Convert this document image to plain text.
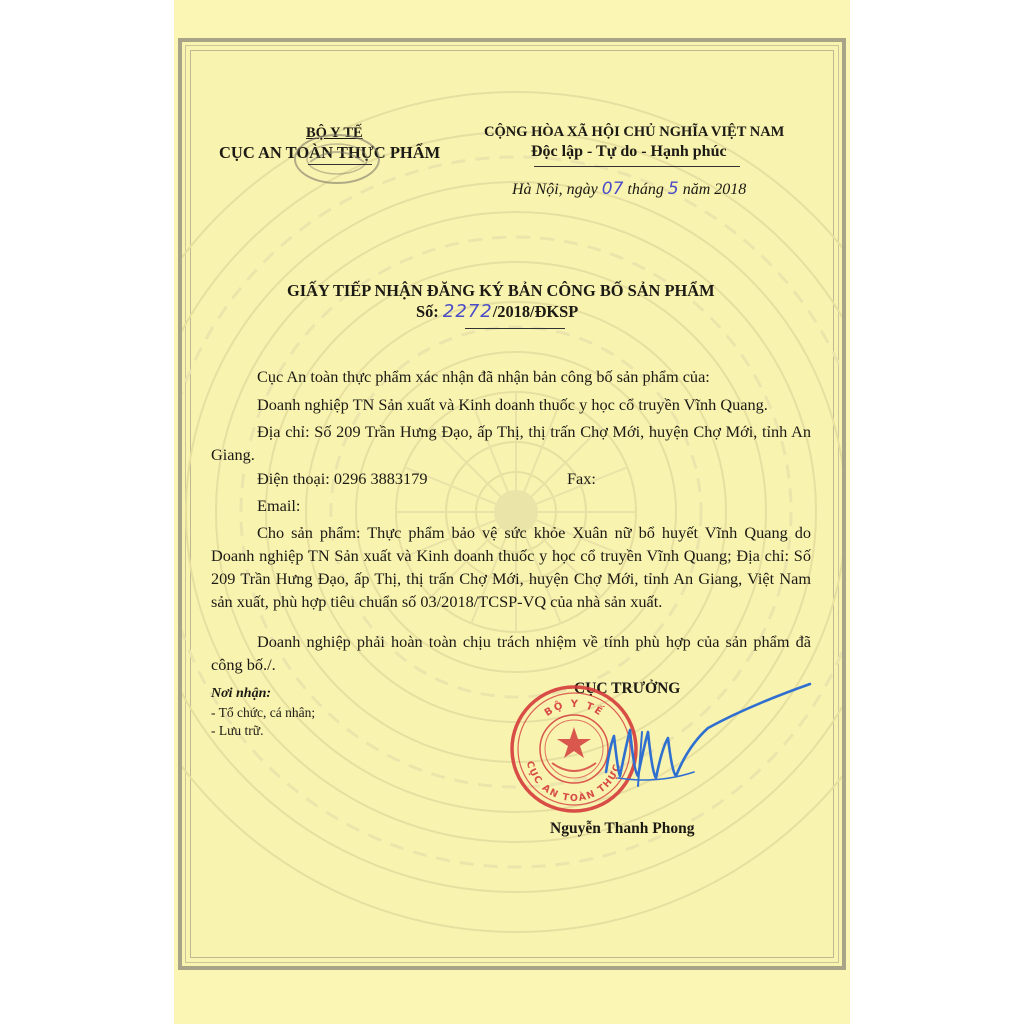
BỘ Y TẾ
CỤC AN TOÀN THỰC PHẨM
CỘNG HÒA XÃ HỘI CHỦ NGHĨA VIỆT NAM
Độc lập - Tự do - Hạnh phúc
Hà Nội, ngày 07 tháng 5 năm 2018
GIẤY TIẾP NHẬN ĐĂNG KÝ BẢN CÔNG BỐ SẢN PHẨM
Số: 2272/2018/ĐKSP
Cục An toàn thực phẩm xác nhận đã nhận bản công bố sản phẩm của:
Doanh nghiệp TN Sản xuất và Kinh doanh thuốc y học cổ truyền Vĩnh Quang.

Địa chỉ: Số 209 Trần Hưng Đạo, ấp Thị, thị trấn Chợ Mới, huyện Chợ Mới, tỉnh An Giang.

Điện thoại: 0296 3883179	Fax:
Email:

Cho sản phẩm: Thực phẩm bảo vệ sức khỏe Xuân nữ bổ huyết Vĩnh Quang do Doanh nghiệp TN Sản xuất và Kinh doanh thuốc y học cổ truyền Vĩnh Quang; Địa chỉ: Số 209 Trần Hưng Đạo, ấp Thị, thị trấn Chợ Mới, huyện Chợ Mới, tỉnh An Giang, Việt Nam sản xuất, phù hợp tiêu chuẩn số 03/2018/TCSP-VQ của nhà sản xuất.

Doanh nghiệp phải hoàn toàn chịu trách nhiệm về tính phù hợp của sản phẩm đã công bố./.

Nơi nhận:
- Tổ chức, cá nhân;
- Lưu trữ.
CỤC TRƯỞNG
BỘ Y TẾ
CỤC AN TOÀN THỰC
Nguyễn Thanh Phong
